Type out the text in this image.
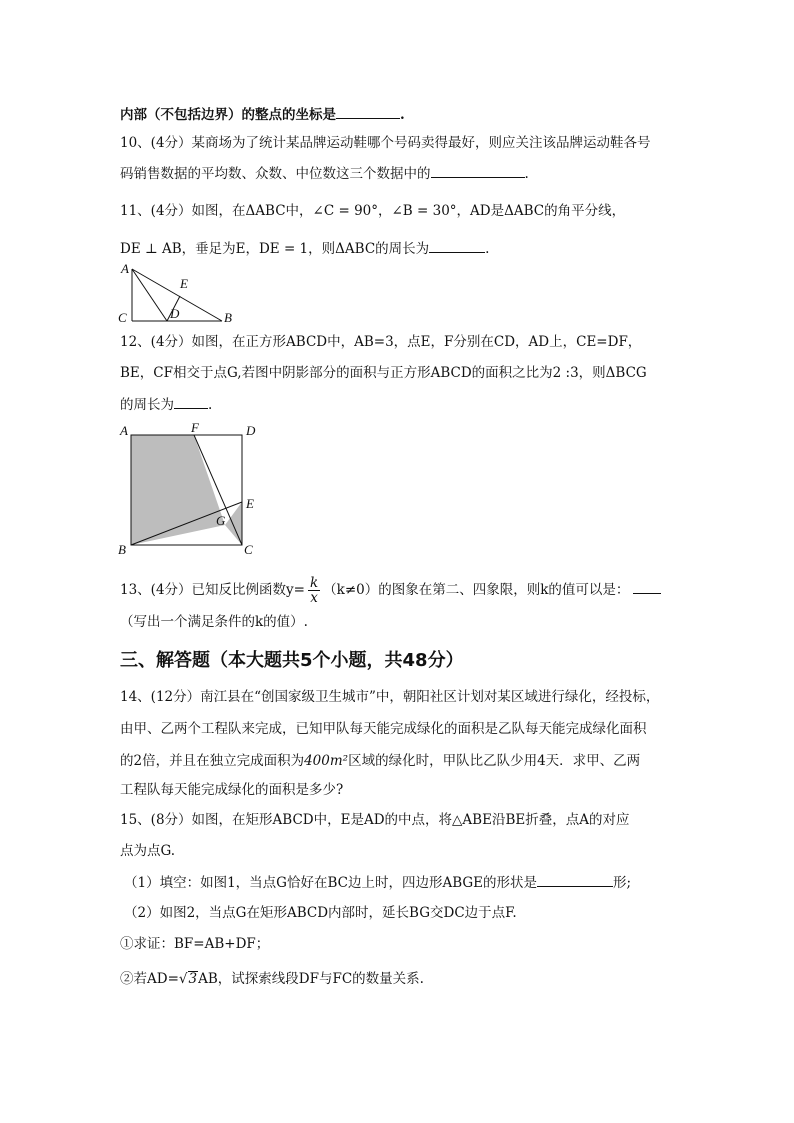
内部（不包括边界）的整点的坐标是	.
10、(4分）某商场为了统计某品牌运动鞋哪个号码卖得最好，则应关注该品牌运动鞋各号
码销售数据的平均数、众数、中位数这三个数据中的	.
11、(4分）如图，在ΔABC中，∠C = 90°，∠B = 30°，AD是ΔABC的角平分线，
DE ⊥ AB，垂足为E，DE = 1，则ΔABC的周长为	.
A
E
C	D	B
12、(4分）如图，在正方形ABCD中，AB=3，点E，F分别在CD，AD上，CE=DF，
BE，CF相交于点G,若图中阴影部分的面积与正方形ABCD的面积之比为2 :3，则ΔBCG
的周长为	.
A	F	D
E
G
B	C
13、(4分）已知反比例函数$y= \frac{k}{x} (k\ne 0)$的图象在第二、四象限，则k的值可以是：
（写出一个满足条件的k的值）.
三、解答题（本大题共5个小题，共48分）
14、(12分）南江县在“创国家级卫生城市”中，朝阳社区计划对某区域进行绿化，经投标，
由甲、乙两个工程队来完成，已知甲队每天能完成绿化的面积是乙队每天能完成绿化面积
的2倍，并且在独立完成面积为400m²区域的绿化时，甲队比乙队少用4天．求甲、乙两
工程队每天能完成绿化的面积是多少?
15、(8分）如图，在矩形ABCD中，E是AD的中点，将△ABE沿BE折叠，点A的对应
点为点G.
（1）填空：如图1，当点G恰好在BC边上时，四边形ABGE的形状是	形;
（2）如图2，当点G在矩形ABCD内部时，延长BG交DC边于点F.
①求证：BF=AB+DF；
②若AD=√3AB，试探索线段DF与FC的数量关系.
